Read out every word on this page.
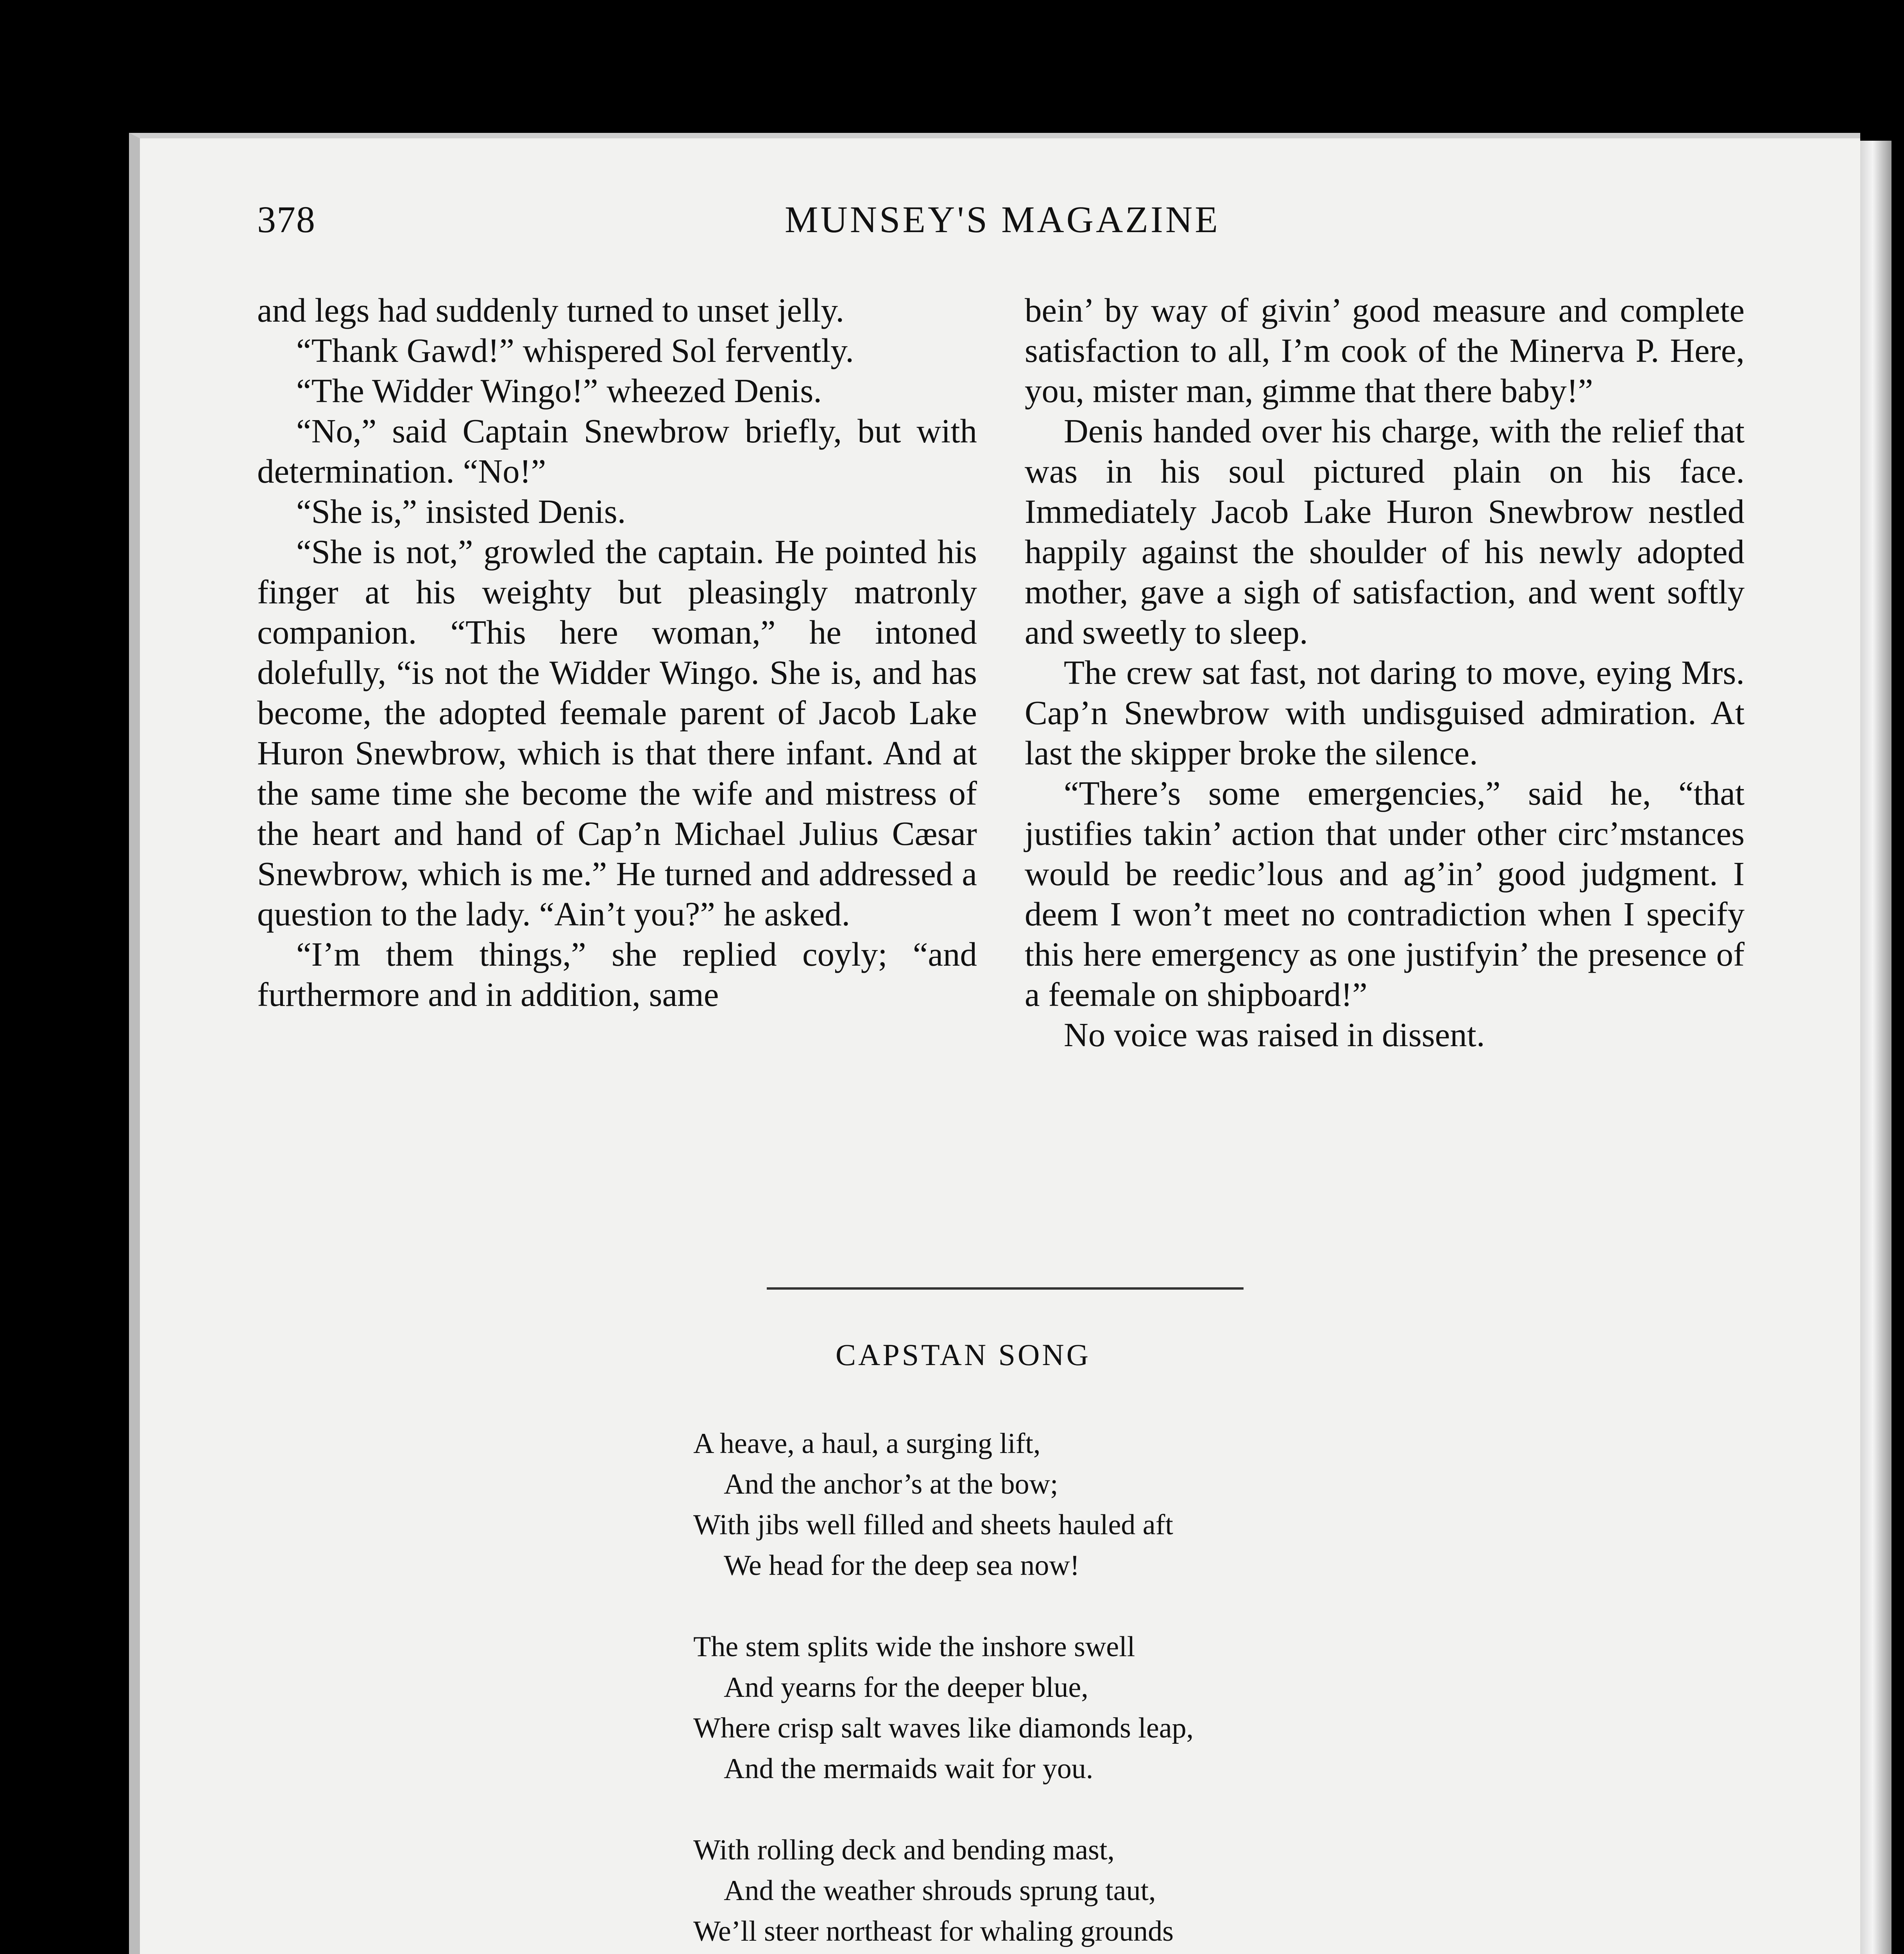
378	MUNSEY'S MAGAZINE

and legs had suddenly turned to unset jelly.

“Thank Gawd!” whispered Sol fervently.

“The Widder Wingo!” wheezed Denis.

“No,” said Captain Snewbrow briefly, but with determination. “No!”

“She is,” insisted Denis.

“She is not,” growled the captain. He pointed his finger at his weighty but pleasingly matronly companion. “This here woman,” he intoned dolefully, “is not the Widder Wingo. She is, and has become, the adopted feemale parent of Jacob Lake Huron Snewbrow, which is that there infant. And at the same time she become the wife and mistress of the heart and hand of Cap’n Michael Julius Cæsar Snewbrow, which is me.” He turned and addressed a question to the lady. “Ain’t you?” he asked.

“I’m them things,” she replied coyly; “and furthermore and in addition, same

bein’ by way of givin’ good measure and complete satisfaction to all, I’m cook of the Minerva P. Here, you, mister man, gimme that there baby!”

Denis handed over his charge, with the relief that was in his soul pictured plain on his face. Immediately Jacob Lake Huron Snewbrow nestled happily against the shoulder of his newly adopted mother, gave a sigh of satisfaction, and went softly and sweetly to sleep.

The crew sat fast, not daring to move, eying Mrs. Cap’n Snewbrow with undisguised admiration. At last the skipper broke the silence.

“There’s some emergencies,” said he, “that justifies takin’ action that under other circ’mstances would be reedic’lous and ag’in’ good judgment. I deem I won’t meet no contradiction when I specify this here emergency as one justifyin’ the presence of a feemale on shipboard!”

No voice was raised in dissent.

CAPSTAN SONG
A heave, a haul, a surging lift,
And the anchor’s at the bow;
With jibs well filled and sheets hauled aft
We head for the deep sea now!
The stem splits wide the inshore swell
And yearns for the deeper blue,
Where crisp salt waves like diamonds leap,
And the mermaids wait for you.
With rolling deck and bending mast,
And the weather shrouds sprung taut,
We’ll steer northeast for whaling grounds
